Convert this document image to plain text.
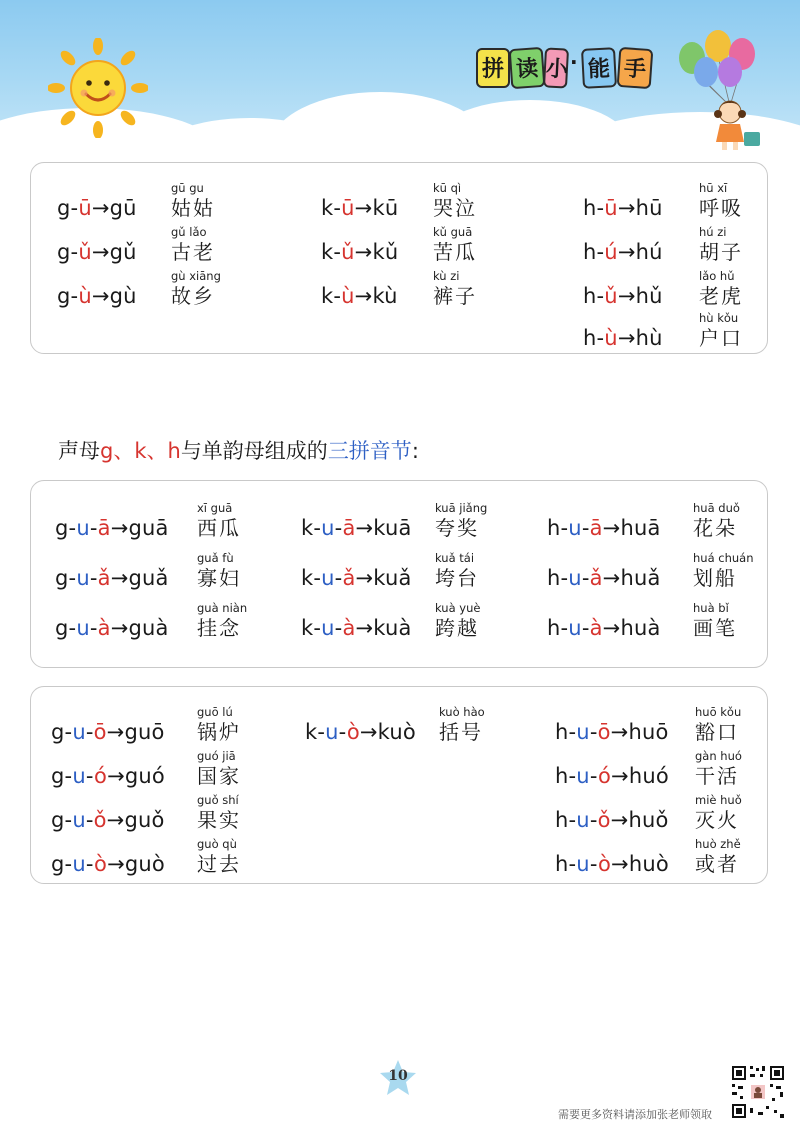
拼 读 小 · 能 手
g-ū→gū
gū gu
姑姑
g-ǔ→gǔ
gǔ lǎo
古老
g-ù→gù
gù xiāng
故乡
k-ū→kū
kū qì
哭泣
k-ǔ→kǔ
kǔ guā
苦瓜
k-ù→kù
kù zi
裤子
h-ū→hū
hū xī
呼吸
h-ú→hú
hú zi
胡子
h-ǔ→hǔ
lǎo hǔ
老虎
h-ù→hù
hù kǒu
户口
声母g、k、h与单韵母组成的三拼音节:
g-u-ā→guā
xī guā
西瓜
g-u-ǎ→guǎ
guǎ fù
寡妇
g-u-à→guà
guà niàn
挂念
k-u-ā→kuā
kuā jiǎng
夸奖
k-u-ǎ→kuǎ
kuǎ tái
垮台
k-u-à→kuà
kuà yuè
跨越
h-u-ā→huā
huā duǒ
花朵
h-u-ǎ→huǎ
huá chuán
划船
h-u-à→huà
huà bǐ
画笔
g-u-ō→guō
guō lú
锅炉
g-u-ó→guó
guó jiā
国家
g-u-ǒ→guǒ
guǒ shí
果实
g-u-ò→guò
guò qù
过去
k-u-ò→kuò
kuò hào
括号	h-u-ō→huō
huō kǒu
豁口
h-u-ó→huó
gàn huó
干活
h-u-ǒ→huǒ
miè huǒ
灭火
h-u-ò→huò
huò zhě
或者
10
需要更多资料请添加张老师领取
